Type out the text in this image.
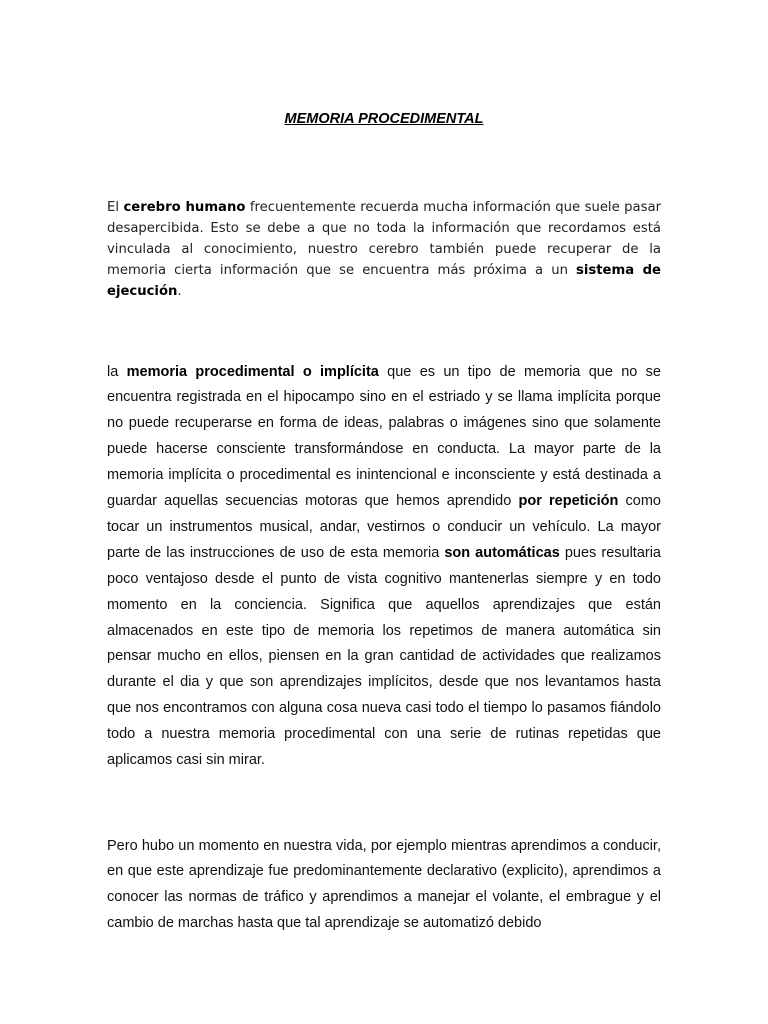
MEMORIA PROCEDIMENTAL

El cerebro humano frecuentemente recuerda mucha información que suele pasar desapercibida. Esto se debe a que no toda la información que recordamos está vinculada al conocimiento, nuestro cerebro también puede recuperar de la memoria cierta información que se encuentra más próxima a un sistema de ejecución.

la memoria procedimental o implícita que es un tipo de memoria que no se encuentra registrada en el hipocampo sino en el estriado y se llama implícita porque no puede recuperarse en forma de ideas, palabras o imágenes sino que solamente puede hacerse consciente transformándose en conducta. La mayor parte de la memoria implícita o procedimental es inintencional e inconsciente y está destinada a guardar aquellas secuencias motoras que hemos aprendido por repetición como tocar un instrumentos musical, andar, vestirnos o conducir un vehículo. La mayor parte de las instrucciones de uso de esta memoria son automáticas pues resultaria poco ventajoso desde el punto de vista cognitivo mantenerlas siempre y en todo momento en la conciencia. Significa que aquellos aprendizajes que están almacenados en este tipo de memoria los repetimos de manera automática sin pensar mucho en ellos, piensen en la gran cantidad de actividades que realizamos durante el dia y que son aprendizajes implícitos, desde que nos levantamos hasta que nos encontramos con alguna cosa nueva casi todo el tiempo lo pasamos fiándolo todo a nuestra memoria procedimental con una serie de rutinas repetidas que aplicamos casi sin mirar.

Pero hubo un momento en nuestra vida, por ejemplo mientras aprendimos a conducir, en que este aprendizaje fue predominantemente declarativo (explicito), aprendimos a conocer las normas de tráfico y aprendimos a manejar el volante, el embrague y el cambio de marchas hasta que tal aprendizaje se automatizó debido
